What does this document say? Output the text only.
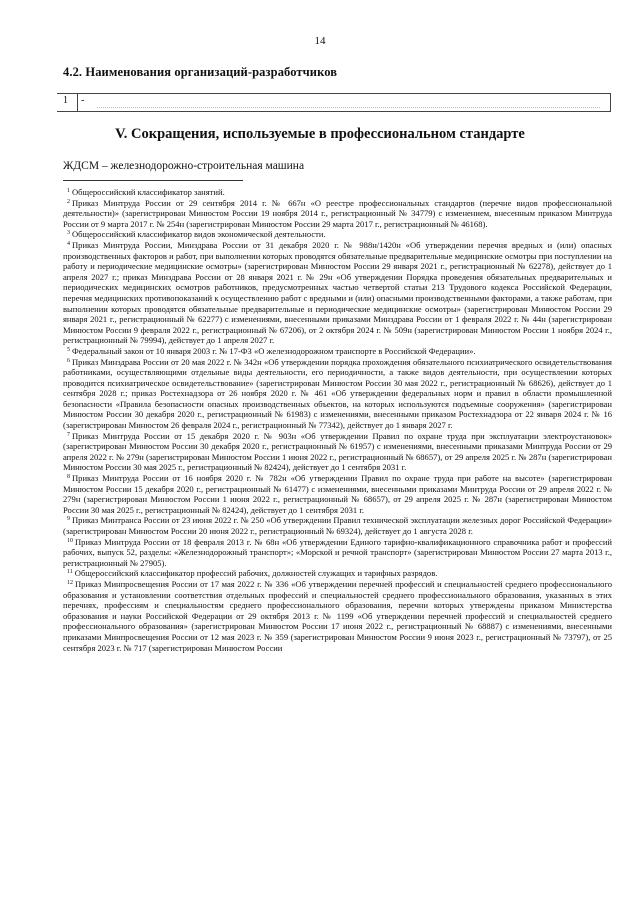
14
4.2. Наименования организаций-разработчиков
1 -
V. Сокращения, используемые в профессиональном стандарте
ЖДСМ – железнодорожно-строительная машина

$^1$ Общероссийский классификатор занятий.

$^2$ Приказ Минтруда России от 29 сентября 2014 г. № 667н «О реестре профессиональных стандартов (перечне видов профессиональной деятельности)» (зарегистрирован Минюстом России 19 ноября 2014 г., регистрационный № 34779) с изменением, внесенным приказом Минтруда России от 9 марта 2017 г. № 254н (зарегистрирован Минюстом России 29 марта 2017 г., регистрационный № 46168).

$^3$ Общероссийский классификатор видов экономической деятельности.

$^4$ Приказ Минтруда России, Минздрава России от 31 декабря 2020 г. № 988н/1420н «Об утверждении перечня вредных и (или) опасных производственных факторов и работ, при выполнении которых проводятся обязательные предварительные медицинские осмотры при поступлении на работу и периодические медицинские осмотры» (зарегистрирован Минюстом России 29 января 2021 г., регистрационный № 62278), действует до 1 апреля 2027 г.; приказ Минздрава России от 28 января 2021 г. № 29н «Об утверждении Порядка проведения обязательных предварительных и периодических медицинских осмотров работников, предусмотренных частью четвертой статьи 213 Трудового кодекса Российской Федерации, перечня медицинских противопоказаний к осуществлению работ с вредными и (или) опасными производственными факторами, а также работам, при выполнении которых проводятся обязательные предварительные и периодические медицинские осмотры» (зарегистрирован Минюстом России 29 января 2021 г., регистрационный № 62277) с изменениями, внесенными приказами Минздрава России от 1 февраля 2022 г. № 44н (зарегистрирован Минюстом России 9 февраля 2022 г., регистрационный № 67206), от 2 октября 2024 г. № 509н (зарегистрирован Минюстом России 1 ноября 2024 г., регистрационный № 79994), действует до 1 апреля 2027 г.

$^5$ Федеральный закон от 10 января 2003 г. № 17-ФЗ «О железнодорожном транспорте в Российской Федерации».

$^6$ Приказ Минздрава России от 20 мая 2022 г. № 342н «Об утверждении порядка прохождения обязательного психиатрического освидетельствования работниками, осуществляющими отдельные виды деятельности, его периодичности, а также видов деятельности, при осуществлении которых проводится психиатрическое освидетельствование» (зарегистрирован Минюстом России 30 мая 2022 г., регистрационный № 68626), действует до 1 сентября 2028 г.; приказ Ростехнадзора от 26 ноября 2020 г. № 461 «Об утверждении федеральных норм и правил в области промышленной безопасности «Правила безопасности опасных производственных объектов, на которых используются подъемные сооружения» (зарегистрирован Минюстом России 30 декабря 2020 г., регистрационный № 61983) с изменениями, внесенными приказом Ростехнадзора от 22 января 2024 г. № 16 (зарегистрирован Минюстом 26 февраля 2024 г., регистрационный № 77342), действует до 1 января 2027 г.

$^7$ Приказ Минтруда России от 15 декабря 2020 г. № 903н «Об утверждении Правил по охране труда при эксплуатации электроустановок» (зарегистрирован Минюстом России 30 декабря 2020 г., регистрационный № 61957) с изменениями, внесенными приказами Минтруда России от 29 апреля 2022 г. № 279н (зарегистрирован Минюстом России 1 июня 2022 г., регистрационный № 68657), от 29 апреля 2025 г. № 287н (зарегистрирован Минюстом России 30 мая 2025 г., регистрационный № 82424), действует до 1 сентября 2031 г.

$^8$ Приказ Минтруда России от 16 ноября 2020 г. № 782н «Об утверждении Правил по охране труда при работе на высоте» (зарегистрирован Минюстом России 15 декабря 2020 г., регистрационный № 61477) с изменениями, внесенными приказами Минтруда России от 29 апреля 2022 г. № 279н (зарегистрирован Минюстом России 1 июня 2022 г., регистрационный № 68657), от 29 апреля 2025 г. № 287н (зарегистрирован Минюстом России 30 мая 2025 г., регистрационный № 82424), действует до 1 сентября 2031 г.

$^9$ Приказ Минтранса России от 23 июня 2022 г. № 250 «Об утверждении Правил технической эксплуатации железных дорог Российской Федерации» (зарегистрирован Минюстом России 20 июня 2022 г., регистрационный № 69324), действует до 1 августа 2028 г.

$^{10}$ Приказ Минтруда России от 18 февраля 2013 г. № 68н «Об утверждении Единого тарифно-квалификационного справочника работ и профессий рабочих, выпуск 52, разделы: «Железнодорожный транспорт»; «Морской и речной транспорт» (зарегистрирован Минюстом России 27 марта 2013 г., регистрационный № 27905).

$^{11}$ Общероссийский классификатор профессий рабочих, должностей служащих и тарифных разрядов.

$^{12}$ Приказ Минпросвещения России от 17 мая 2022 г. № 336 «Об утверждении перечней профессий и специальностей среднего профессионального образования и установлении соответствия отдельных профессий и специальностей среднего профессионального образования, указанных в этих перечнях, профессиям и специальностям среднего профессионального образования, перечни которых утверждены приказом Министерства образования и науки Российской Федерации от 29 октября 2013 г. № 1199 «Об утверждении перечней профессий и специальностей среднего профессионального образования» (зарегистрирован Минюстом России 17 июня 2022 г., регистрационный № 68887) с изменениями, внесенными приказами Минпросвещения России от 12 мая 2023 г. № 359 (зарегистрирован Минюстом России 9 июня 2023 г., регистрационный № 73797), от 25 сентября 2023 г. № 717 (зарегистрирован Минюстом России
